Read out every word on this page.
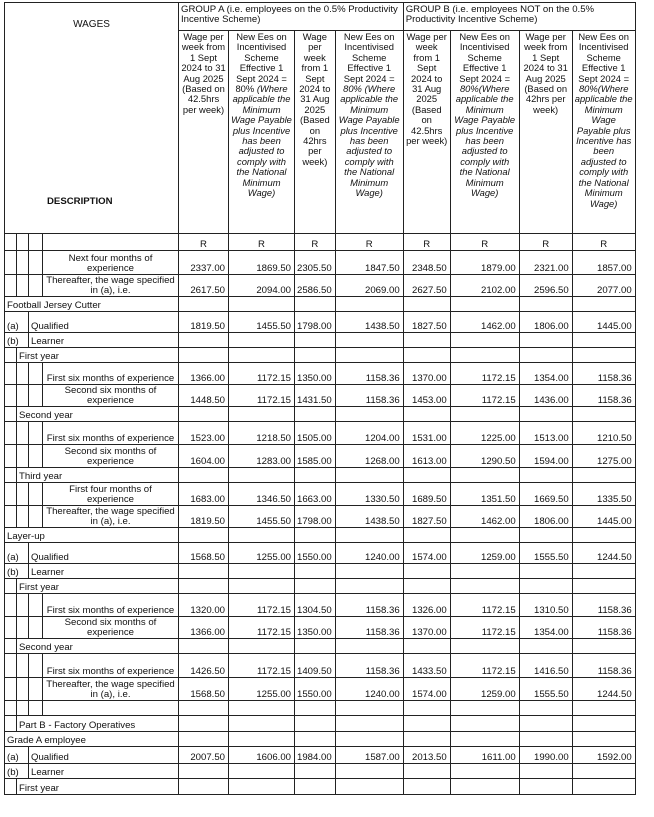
WAGES
DESCRIPTION				GROUP A (i.e. employees on the 0.5% Productivity Incentive Scheme)				GROUP B (i.e. employees NOT on the 0.5% Productivity Incentive Scheme)			
				Wage per week from 1 Sept 2024 to 31 Aug 2025 (Based on 42.5hrs per week)	New Ees on Incentivised Scheme Effective 1 Sept 2024 = 80% (Where applicable the Minimum Wage Payable plus Incentive has been adjusted to comply with the National Minimum Wage)	Wage per week from 1 Sept 2024 to 31 Aug 2025 (Based on 42hrs per week)	New Ees on Incentivised Scheme Effective 1 Sept 2024 = 80% (Where applicable the Minimum Wage Payable plus Incentive has been adjusted to comply with the National Minimum Wage)	Wage per week from 1 Sept 2024 to 31 Aug 2025 (Based on 42.5hrs per week)	New Ees on Incentivised Scheme Effective 1 Sept 2024 = 80%(Where applicable the Minimum Wage Payable plus Incentive has been adjusted to comply with the National Minimum Wage)	Wage per week from 1 Sept 2024 to 31 Aug 2025 (Based on 42hrs per week)	New Ees on Incentivised Scheme Effective 1 Sept 2024 = 80%(Where applicable the Minimum Wage Payable plus Incentive has been adjusted to comply with the National Minimum Wage)
				R	R	R	R	R	R	R	R
			Next four months of experience	2337.00	1869.50	2305.50	1847.50	2348.50	1879.00	2321.00	1857.00
			Thereafter, the wage specified in (a), i.e.	2617.50	2094.00	2586.50	2069.00	2627.50	2102.00	2596.50	2077.00
Football Jersey Cutter											
(a)		Qualified		1819.50	1455.50	1798.00	1438.50	1827.50	1462.00	1806.00	1445.00
(b)		Learner									
	First year										
			First six months of experience	1366.00	1172.15	1350.00	1158.36	1370.00	1172.15	1354.00	1158.36
			Second six months of experience	1448.50	1172.15	1431.50	1158.36	1453.00	1172.15	1436.00	1158.36
	Second year										
			First six months of experience	1523.00	1218.50	1505.00	1204.00	1531.00	1225.00	1513.00	1210.50
			Second six months of experience	1604.00	1283.00	1585.00	1268.00	1613.00	1290.50	1594.00	1275.00
	Third year										
			First four months of experience	1683.00	1346.50	1663.00	1330.50	1689.50	1351.50	1669.50	1335.50
			Thereafter, the wage specified in (a), i.e.	1819.50	1455.50	1798.00	1438.50	1827.50	1462.00	1806.00	1445.00
Layer-up											
(a)		Qualified		1568.50	1255.00	1550.00	1240.00	1574.00	1259.00	1555.50	1244.50
(b)		Learner									
	First year										
			First six months of experience	1320.00	1172.15	1304.50	1158.36	1326.00	1172.15	1310.50	1158.36
			Second six months of experience	1366.00	1172.15	1350.00	1158.36	1370.00	1172.15	1354.00	1158.36
	Second year										
			First six months of experience	1426.50	1172.15	1409.50	1158.36	1433.50	1172.15	1416.50	1158.36
			Thereafter, the wage specified in (a), i.e.	1568.50	1255.00	1550.00	1240.00	1574.00	1259.00	1555.50	1244.50

	Part B - Factory Operatives										
Grade A employee											
(a)		Qualified		2007.50	1606.00	1984.00	1587.00	2013.50	1611.00	1990.00	1592.00
(b)		Learner									
	First year										
